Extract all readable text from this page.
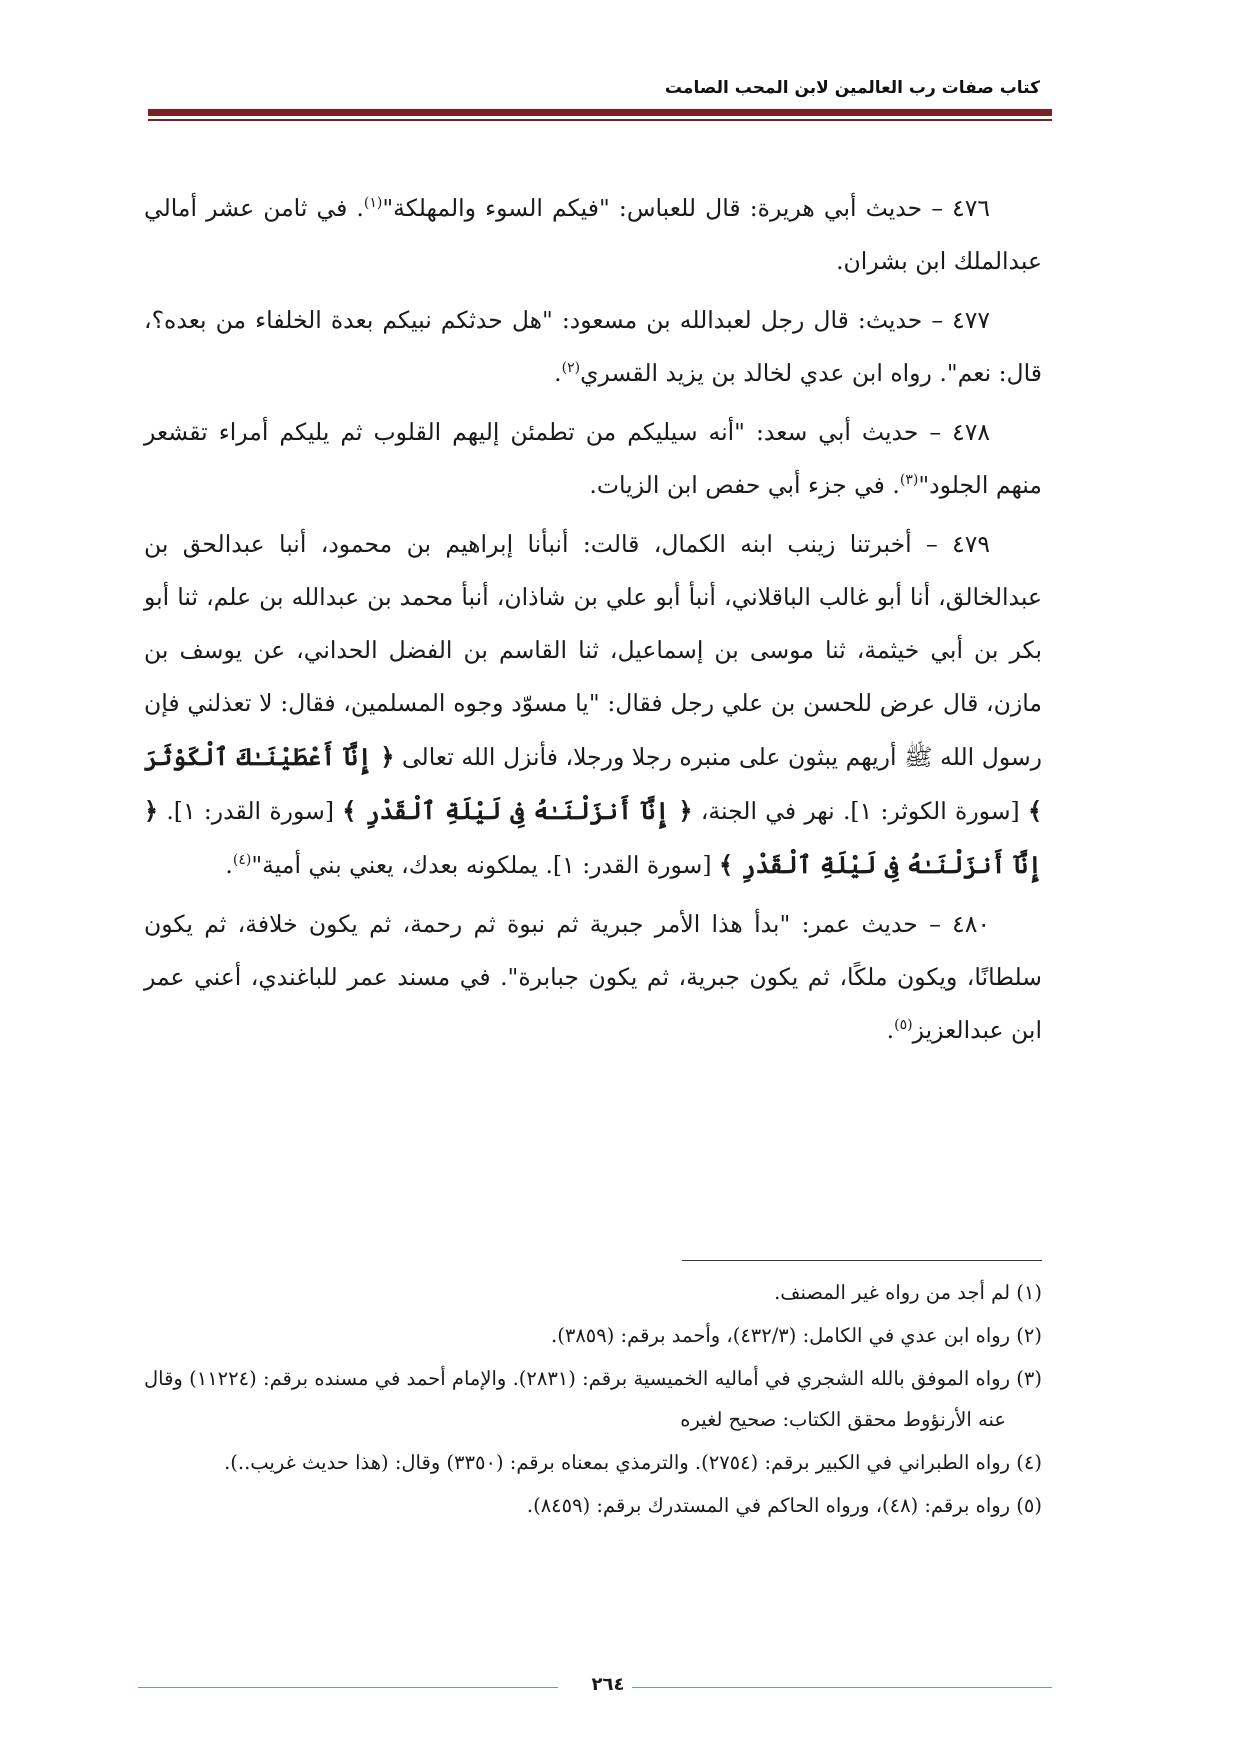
كتاب صفات رب العالمين لابن المحب الصامت

٤٧٦ – حديث أبي هريرة: قال للعباس: "فيكم السوء والمهلكة"$^{(١)}$. في ثامن عشر أمالي عبدالملك ابن بشران.

٤٧٧ – حديث: قال رجل لعبدالله بن مسعود: "هل حدثكم نبيكم بعدة الخلفاء من بعده؟، قال: نعم". رواه ابن عدي لخالد بن يزيد القسري$^{(٢)}$.

٤٧٨ – حديث أبي سعد: "أنه سيليكم من تطمئن إليهم القلوب ثم يليكم أمراء تقشعر منهم الجلود"$^{(٣)}$. في جزء أبي حفص ابن الزيات.

٤٧٩ – أخبرتنا زينب ابنه الكمال، قالت: أنبأنا إبراهيم بن محمود، أنبا عبدالحق بن عبدالخالق، أنا أبو غالب الباقلاني، أنبأ أبو علي بن شاذان، أنبأ محمد بن عبدالله بن علم، ثنا أبو بكر بن أبي خيثمة، ثنا موسى بن إسماعيل، ثنا القاسم بن الفضل الحداني، عن يوسف بن مازن، قال عرض للحسن بن علي رجل فقال: "يا مسوّد وجوه المسلمين، فقال: لا تعذلني فإن رسول الله ﷺ أريهم يبثون على منبره رجلا ورجلا، فأنزل الله تعالى ﴿ إِنَّآ أَعْطَيْنَـٰكَ ٱلْكَوْثَرَ ﴾ [سورة الكوثر: ١]. نهر في الجنة، ﴿ إِنَّآ أَنزَلْنَـٰهُ فِى لَيْلَةِ ٱلْقَدْرِ ﴾ [سورة القدر: ١]. ﴿ إِنَّآ أَنزَلْنَـٰهُ فِى لَيْلَةِ ٱلْقَدْرِ ﴾ [سورة القدر: ١]. يملكونه بعدك، يعني بني أمية"$^{(٤)}$.

٤٨٠ – حديث عمر: "بدأ هذا الأمر جبرية ثم نبوة ثم رحمة، ثم يكون خلافة، ثم يكون سلطانًا، ويكون ملكًا، ثم يكون جبرية، ثم يكون جبابرة". في مسند عمر للباغندي، أعني عمر ابن عبدالعزيز$^{(٥)}$.

(١) لم أجد من رواه غير المصنف.

(٢) رواه ابن عدي في الكامل: (٤٣٢/٣)، وأحمد برقم: (٣٨٥٩).

(٣) رواه الموفق بالله الشجري في أماليه الخميسية برقم: (٢٨٣١). والإمام أحمد في مسنده برقم: (١١٢٢٤) وقال عنه الأرنؤوط محقق الكتاب: صحيح لغيره

(٤) رواه الطبراني في الكبير برقم: (٢٧٥٤). والترمذي بمعناه برقم: (٣٣٥٠) وقال: (هذا حديث غريب..).

(٥) رواه برقم: (٤٨)، ورواه الحاكم في المستدرك برقم: (٨٤٥٩).

٢٦٤
